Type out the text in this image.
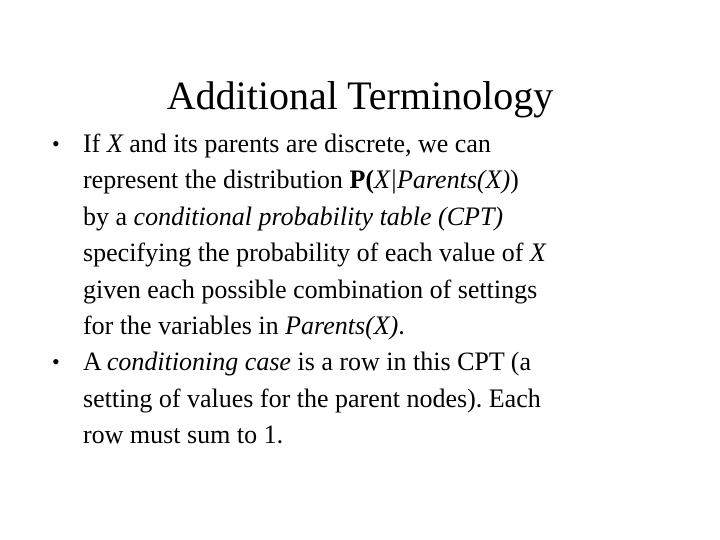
Additional Terminology
• If X and its parents are discrete, we can
represent the distribution P(X|Parents(X))
by a conditional probability table (CPT)
specifying the probability of each value of X
given each possible combination of settings
for the variables in Parents(X).
• A conditioning case is a row in this CPT (a
setting of values for the parent nodes). Each
row must sum to 1.
